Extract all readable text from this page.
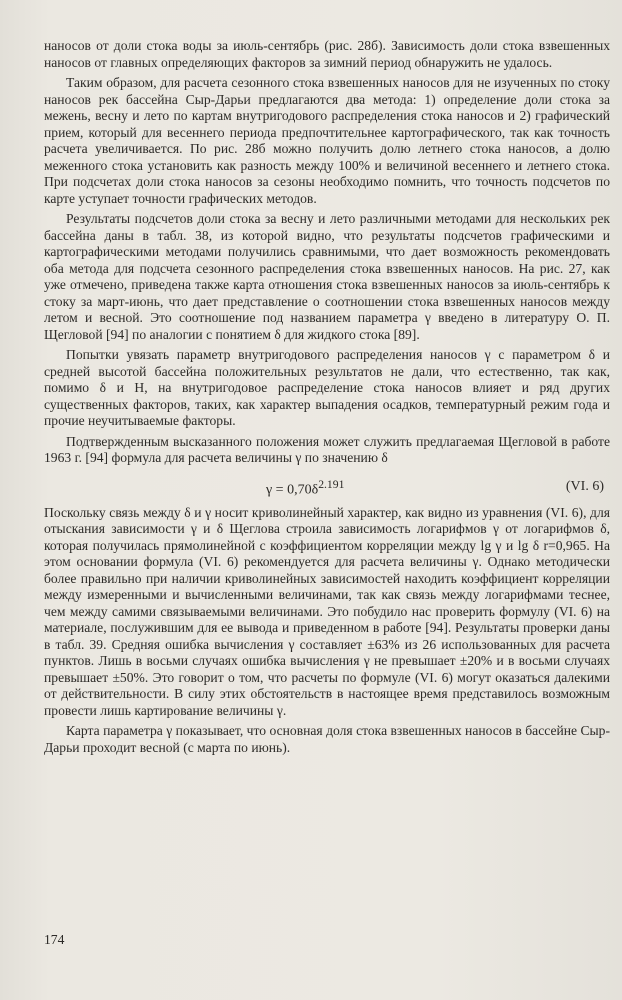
наносов от доли стока воды за июль-сентябрь (рис. 28б). Зависимость доли стока взвешенных наносов от главных определяющих факторов за зимний период обнаружить не удалось.

Таким образом, для расчета сезонного стока взвешенных наносов для не изученных по стоку наносов рек бассейна Сыр-Дарьи предлагаются два метода: 1) определение доли стока за межень, весну и лето по картам внутригодового распределения стока наносов и 2) графический прием, который для весеннего периода предпочтительнее картографического, так как точность расчета увеличивается. По рис. 28б можно получить долю летнего стока наносов, а долю меженного стока установить как разность между 100% и величиной весеннего и летнего стока. При подсчетах доли стока наносов за сезоны необходимо помнить, что точность подсчетов по карте уступает точности графических методов.

Результаты подсчетов доли стока за весну и лето различными методами для нескольких рек бассейна даны в табл. 38, из которой видно, что результаты подсчетов графическими и картографическими методами получились сравнимыми, что дает возможность рекомендовать оба метода для подсчета сезонного распределения стока взвешенных наносов. На рис. 27, как уже отмечено, приведена также карта отношения стока взвешенных наносов за июль-сентябрь к стоку за март-июнь, что дает представление о соотношении стока взвешенных наносов между летом и весной. Это соотношение под названием параметра γ введено в литературу О. П. Щегловой [94] по аналогии с понятием δ для жидкого стока [89].

Попытки увязать параметр внутригодового распределения наносов γ с параметром δ и средней высотой бассейна положительных результатов не дали, что естественно, так как, помимо δ и H, на внутригодовое распределение стока наносов влияет и ряд других существенных факторов, таких, как характер выпадения осадков, температурный режим года и прочие неучитываемые факторы.

Подтвержденным высказанного положения может служить предлагаемая Щегловой в работе 1963 г. [94] формула для расчета величины γ по значению δ

$\gamma = 0,70\delta^{2.191}$	(VI. 6)

Поскольку связь между δ и γ носит криволинейный характер, как видно из уравнения (VI. 6), для отыскания зависимости γ и δ Щеглова строила зависимость логарифмов γ от логарифмов δ, которая получилась прямолинейной с коэффициентом корреляции между lg γ и lg δ r=0,965. На этом основании формула (VI. 6) рекомендуется для расчета величины γ. Однако методически более правильно при наличии криволинейных зависимостей находить коэффициент корреляции между измеренными и вычисленными величинами, так как связь между логарифмами теснее, чем между самими связываемыми величинами. Это побудило нас проверить формулу (VI. 6) на материале, послужившим для ее вывода и приведенном в работе [94]. Результаты проверки даны в табл. 39. Средняя ошибка вычисления γ составляет ±63% из 26 использованных для расчета пунктов. Лишь в восьми случаях ошибка вычисления γ не превышает ±20% и в восьми случаях превышает ±50%. Это говорит о том, что расчеты по формуле (VI. 6) могут оказаться далекими от действительности. В силу этих обстоятельств в настоящее время представилось возможным провести лишь картирование величины γ.

Карта параметра γ показывает, что основная доля стока взвешенных наносов в бассейне Сыр-Дарьи проходит весной (с марта по июнь).

174
